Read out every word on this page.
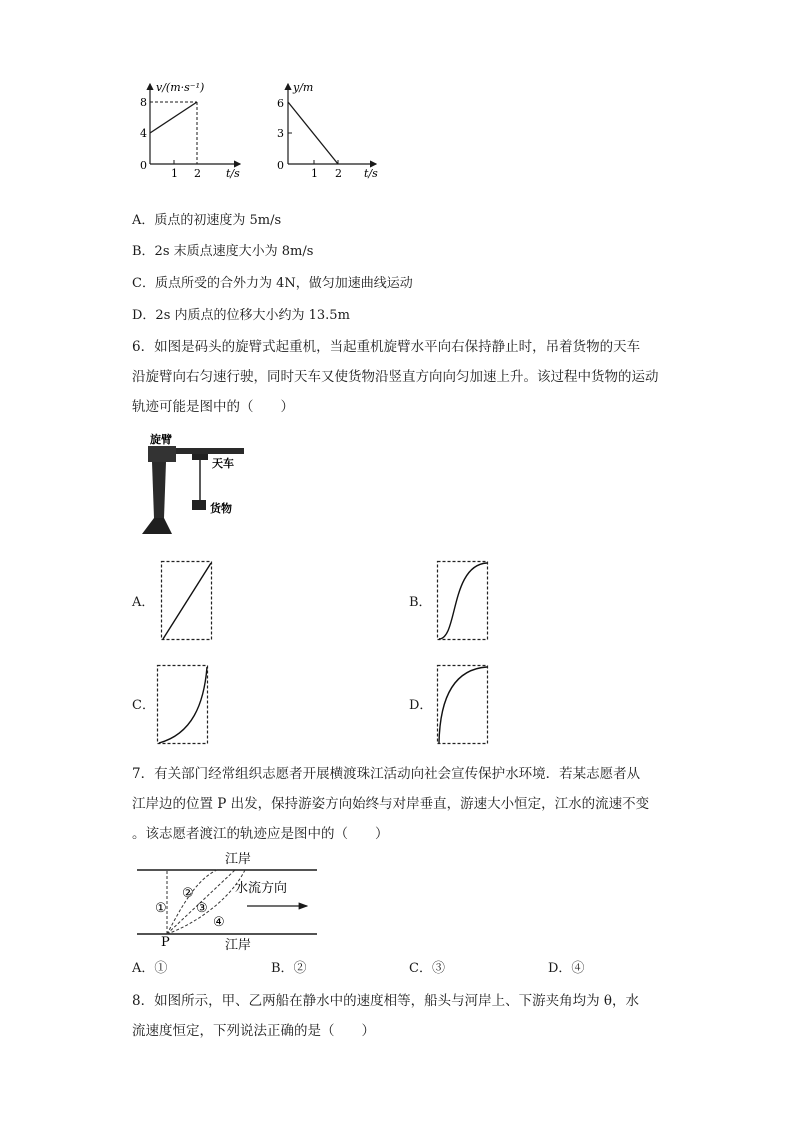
v/(m·s⁻¹)
8
4
0
1 2 t/s
y/m
6
3
0
1 2 t/s
A．质点的初速度为 5m/s
B．2s 末质点速度大小为 8m/s
C．质点所受的合外力为 4N，做匀加速曲线运动
D．2s 内质点的位移大小约为 13.5m
6．如图是码头的旋臂式起重机，当起重机旋臂水平向右保持静止时，吊着货物的天车
沿旋臂向右匀速行驶，同时天车又使货物沿竖直方向向匀加速上升。该过程中货物的运动
轨迹可能是图中的（　　）
旋臂
天车
货物
A．	B．
C．	D．
7．有关部门经常组织志愿者开展横渡珠江活动向社会宣传保护水环境．若某志愿者从
江岸边的位置 P 出发，保持游姿方向始终与对岸垂直，游速大小恒定，江水的流速不变
。该志愿者渡江的轨迹应是图中的（　　）
江岸
江岸
P
①
②
③
④
水流方向
A．①	B．②	C．③	D．④
8．如图所示，甲、乙两船在静水中的速度相等，船头与河岸上、下游夹角均为 θ，水
流速度恒定，下列说法正确的是（　　）
